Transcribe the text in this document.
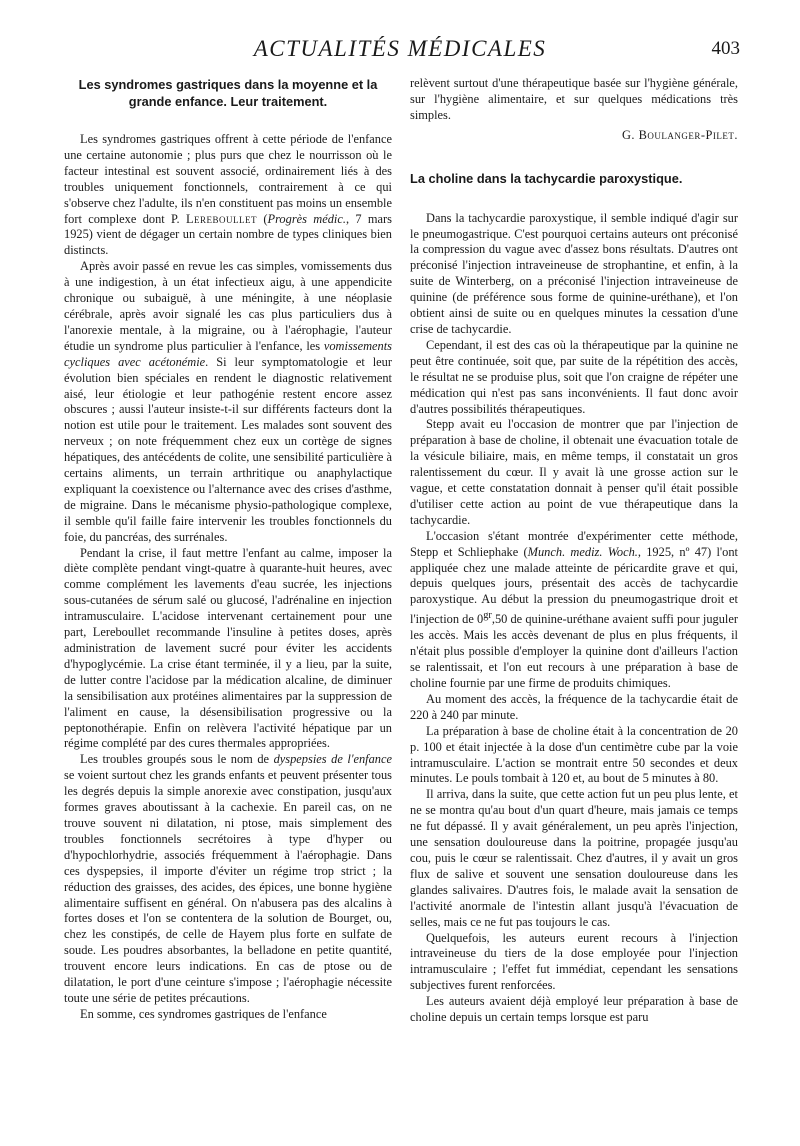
ACTUALITÉS MÉDICALES	403
Les syndromes gastriques dans la moyenne et la grande enfance. Leur traitement.

Les syndromes gastriques offrent à cette période de l'enfance une certaine autonomie ; plus purs que chez le nourrisson où le facteur intestinal est souvent associé, ordinairement liés à des troubles uniquement fonctionnels, contrairement à ce qui s'observe chez l'adulte, ils n'en constituent pas moins un ensemble fort complexe dont P. Lereboullet (Progrès médic., 7 mars 1925) vient de dégager un certain nombre de types cliniques bien distincts.

Après avoir passé en revue les cas simples, vomissements dus à une indigestion, à un état infectieux aigu, à une appendicite chronique ou subaiguë, à une méningite, à une néoplasie cérébrale, après avoir signalé les cas plus particuliers dus à l'anorexie mentale, à la migraine, ou à l'aérophagie, l'auteur étudie un syndrome plus particulier à l'enfance, les vomissements cycliques avec acétonémie. Si leur symptomatologie et leur évolution bien spéciales en rendent le diagnostic relativement aisé, leur étiologie et leur pathogénie restent encore assez obscures ; aussi l'auteur insiste-t-il sur différents facteurs dont la notion est utile pour le traitement. Les malades sont souvent des nerveux ; on note fréquemment chez eux un cortège de signes hépatiques, des antécédents de colite, une sensibilité particulière à certains aliments, un terrain arthritique ou anaphylactique expliquant la coexistence ou l'alternance avec des crises d'asthme, de migraine. Dans le mécanisme physio-pathologique complexe, il semble qu'il faille faire intervenir les troubles fonctionnels du foie, du pancréas, des surrénales.

Pendant la crise, il faut mettre l'enfant au calme, imposer la diète complète pendant vingt-quatre à quarante-huit heures, avec comme complément les lavements d'eau sucrée, les injections sous-cutanées de sérum salé ou glucosé, l'adrénaline en injection intramusculaire. L'acidose intervenant certainement pour une part, Lereboullet recommande l'insuline à petites doses, après administration de lavement sucré pour éviter les accidents d'hypoglycémie. La crise étant terminée, il y a lieu, par la suite, de lutter contre l'acidose par la médication alcaline, de diminuer la sensibilisation aux protéines alimentaires par la suppression de l'aliment en cause, la désensibilisation progressive ou la peptonothérapie. Enfin on relèvera l'activité hépatique par un régime complété par des cures thermales appropriées.

Les troubles groupés sous le nom de dyspepsies de l'enfance se voient surtout chez les grands enfants et peuvent présenter tous les degrés depuis la simple anorexie avec constipation, jusqu'aux formes graves aboutissant à la cachexie. En pareil cas, on ne trouve souvent ni dilatation, ni ptose, mais simplement des troubles fonctionnels secrétoires à type d'hyper ou d'hypochlorhydrie, associés fréquemment à l'aérophagie. Dans ces dyspepsies, il importe d'éviter un régime trop strict ; la réduction des graisses, des acides, des épices, une bonne hygiène alimentaire suffisent en général. On n'abusera pas des alcalins à fortes doses et l'on se contentera de la solution de Bourget, ou, chez les constipés, de celle de Hayem plus forte en sulfate de soude. Les poudres absorbantes, la belladone en petite quantité, trouvent encore leurs indications. En cas de ptose ou de dilatation, le port d'une ceinture s'impose ; l'aérophagie nécessite toute une série de petites précautions.

En somme, ces syndromes gastriques de l'enfance

relèvent surtout d'une thérapeutique basée sur l'hygiène générale, sur l'hygiène alimentaire, et sur quelques médications très simples.

G. Boulanger-Pilet.
La choline dans la tachycardie paroxystique.

Dans la tachycardie paroxystique, il semble indiqué d'agir sur le pneumogastrique. C'est pourquoi certains auteurs ont préconisé la compression du vague avec d'assez bons résultats. D'autres ont préconisé l'injection intraveineuse de strophantine, et enfin, à la suite de Winterberg, on a préconisé l'injection intraveineuse de quinine (de préférence sous forme de quinine-uréthane), et l'on obtient ainsi de suite ou en quelques minutes la cessation d'une crise de tachycardie.

Cependant, il est des cas où la thérapeutique par la quinine ne peut être continuée, soit que, par suite de la répétition des accès, le résultat ne se produise plus, soit que l'on craigne de répéter une médication qui n'est pas sans inconvénients. Il faut donc avoir d'autres possibilités thérapeutiques.

Stepp avait eu l'occasion de montrer que par l'injection de préparation à base de choline, il obtenait une évacuation totale de la vésicule biliaire, mais, en même temps, il constatait un gros ralentissement du cœur. Il y avait là une grosse action sur le vague, et cette constatation donnait à penser qu'il était possible d'utiliser cette action au point de vue thérapeutique dans la tachycardie.

L'occasion s'étant montrée d'expérimenter cette méthode, Stepp et Schliephake (Munch. mediz. Woch., 1925, nº 47) l'ont appliquée chez une malade atteinte de péricardite grave et qui, depuis quelques jours, présentait des accès de tachycardie paroxystique. Au début la pression du pneumogastrique droit et l'injection de $0^{gr},50$ de quinine-uréthane avaient suffi pour juguler les accès. Mais les accès devenant de plus en plus fréquents, il n'était plus possible d'employer la quinine dont d'ailleurs l'action se ralentissait, et l'on eut recours à une préparation à base de choline fournie par une firme de produits chimiques.

Au moment des accès, la fréquence de la tachycardie était de 220 à 240 par minute.

La préparation à base de choline était à la concentration de 20 p. 100 et était injectée à la dose d'un centimètre cube par la voie intramusculaire. L'action se montrait entre 50 secondes et deux minutes. Le pouls tombait à 120 et, au bout de 5 minutes à 80.

Il arriva, dans la suite, que cette action fut un peu plus lente, et ne se montra qu'au bout d'un quart d'heure, mais jamais ce temps ne fut dépassé. Il y avait généralement, un peu après l'injection, une sensation douloureuse dans la poitrine, propagée jusqu'au cou, puis le cœur se ralentissait. Chez d'autres, il y avait un gros flux de salive et souvent une sensation douloureuse dans les glandes salivaires. D'autres fois, le malade avait la sensation de l'activité anormale de l'intestin allant jusqu'à l'évacuation de selles, mais ce ne fut pas toujours le cas.

Quelquefois, les auteurs eurent recours à l'injection intraveineuse du tiers de la dose employée pour l'injection intramusculaire ; l'effet fut immédiat, cependant les sensations subjectives furent renforcées.

Les auteurs avaient déjà employé leur préparation à base de choline depuis un certain temps lorsque est paru
